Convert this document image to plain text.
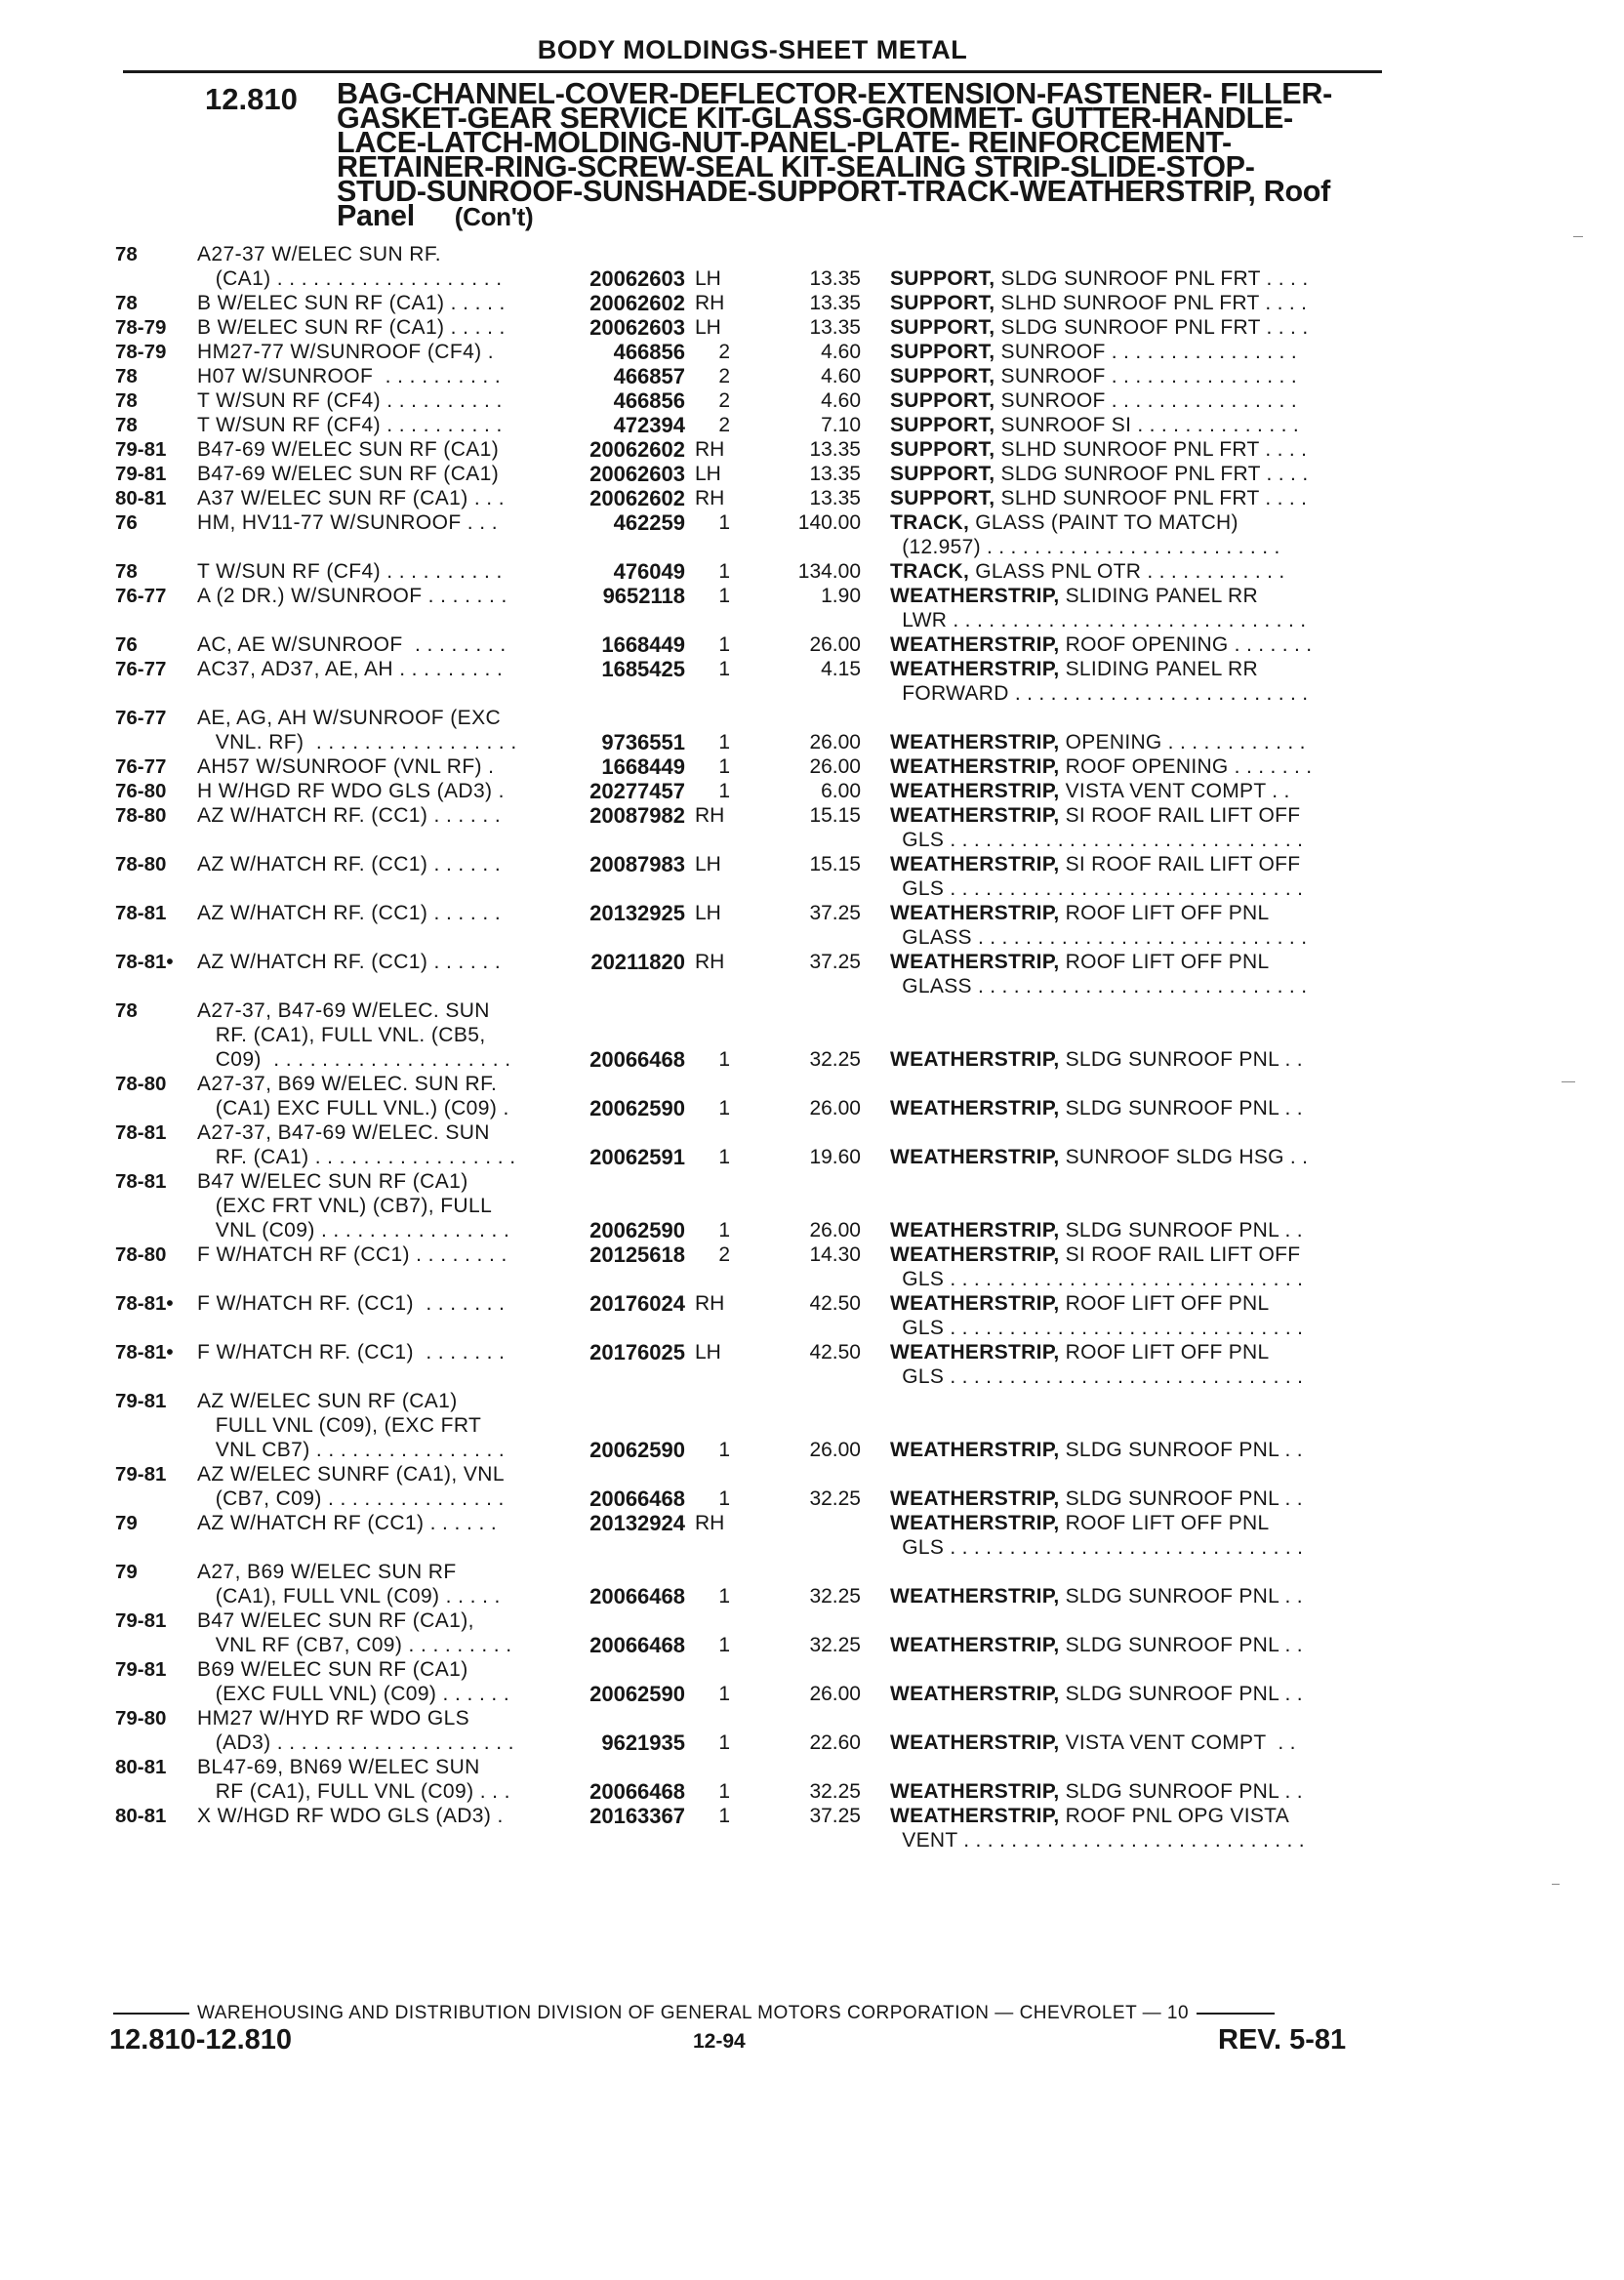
BODY MOLDINGS-SHEET METAL
12.810 BAG-CHANNEL-COVER-DEFLECTOR-EXTENSION-FASTENER- FILLER-
GASKET-GEAR SERVICE KIT-GLASS-GROMMET- GUTTER-HANDLE-
LACE-LATCH-MOLDING-NUT-PANEL-PLATE- REINFORCEMENT-
RETAINER-RING-SCREW-SEAL KIT-SEALING STRIP-SLIDE-STOP-
STUD-SUNROOF-SUNSHADE-SUPPORT-TRACK-WEATHERSTRIP, Roof
Panel (Con't)
78	A27-37 W/ELEC SUN RF.
(CA1) . . . . . . . . . . . . . . . . . . .	20062603 LH	13.35 SUPPORT, SLDG SUNROOF PNL FRT . . . .
78	B W/ELEC SUN RF (CA1) . . . . .	20062602 RH	13.35 SUPPORT, SLHD SUNROOF PNL FRT . . . .
78-79	B W/ELEC SUN RF (CA1) . . . . .	20062603 LH	13.35 SUPPORT, SLDG SUNROOF PNL FRT . . . .
78-79	HM27-77 W/SUNROOF (CF4) .	466856	2	4.60 SUPPORT, SUNROOF . . . . . . . . . . . . . . . .
78	H07 W/SUNROOF  . . . . . . . . . .	466857	2	4.60 SUPPORT, SUNROOF . . . . . . . . . . . . . . . .
78	T W/SUN RF (CF4) . . . . . . . . . .	466856	2	4.60 SUPPORT, SUNROOF . . . . . . . . . . . . . . . .
78	T W/SUN RF (CF4) . . . . . . . . . .	472394	2	7.10 SUPPORT, SUNROOF SI . . . . . . . . . . . . . .
79-81	B47-69 W/ELEC SUN RF (CA1)	20062602 RH	13.35 SUPPORT, SLHD SUNROOF PNL FRT . . . .
79-81	B47-69 W/ELEC SUN RF (CA1)	20062603 LH	13.35 SUPPORT, SLDG SUNROOF PNL FRT . . . .
80-81	A37 W/ELEC SUN RF (CA1) . . .	20062602 RH	13.35 SUPPORT, SLHD SUNROOF PNL FRT . . . .
76	HM, HV11-77 W/SUNROOF . . .	462259	1	140.00 TRACK, GLASS (PAINT TO MATCH)
(12.957) . . . . . . . . . . . . . . . . . . . . . . . . .
78	T W/SUN RF (CF4) . . . . . . . . . .	476049	1	134.00 TRACK, GLASS PNL OTR . . . . . . . . . . . .
76-77	A (2 DR.) W/SUNROOF . . . . . . .	9652118	1	1.90 WEATHERSTRIP, SLIDING PANEL RR
LWR . . . . . . . . . . . . . . . . . . . . . . . . . . . . . .
76	AC, AE W/SUNROOF  . . . . . . . .	1668449	1	26.00 WEATHERSTRIP, ROOF OPENING . . . . . . .
76-77	AC37, AD37, AE, AH . . . . . . . . .	1685425	1	4.15 WEATHERSTRIP, SLIDING PANEL RR
FORWARD . . . . . . . . . . . . . . . . . . . . . . . . .
76-77	AE, AG, AH W/SUNROOF (EXC
VNL. RF)  . . . . . . . . . . . . . . . . .	9736551	1	26.00 WEATHERSTRIP, OPENING . . . . . . . . . . . .
76-77	AH57 W/SUNROOF (VNL RF) .	1668449	1	26.00 WEATHERSTRIP, ROOF OPENING . . . . . . .
76-80	H W/HGD RF WDO GLS (AD3) .	20277457	1	6.00 WEATHERSTRIP, VISTA VENT COMPT . .
78-80	AZ W/HATCH RF. (CC1) . . . . . .	20087982 RH	15.15 WEATHERSTRIP, SI ROOF RAIL LIFT OFF
GLS . . . . . . . . . . . . . . . . . . . . . . . . . . . . . .
78-80	AZ W/HATCH RF. (CC1) . . . . . .	20087983 LH	15.15 WEATHERSTRIP, SI ROOF RAIL LIFT OFF
GLS . . . . . . . . . . . . . . . . . . . . . . . . . . . . . .
78-81	AZ W/HATCH RF. (CC1) . . . . . .	20132925 LH	37.25 WEATHERSTRIP, ROOF LIFT OFF PNL
GLASS . . . . . . . . . . . . . . . . . . . . . . . . . . . .
78-81•	AZ W/HATCH RF. (CC1) . . . . . .	20211820 RH	37.25 WEATHERSTRIP, ROOF LIFT OFF PNL
GLASS . . . . . . . . . . . . . . . . . . . . . . . . . . . .
78	A27-37, B47-69 W/ELEC. SUN
RF. (CA1), FULL VNL. (CB5,
C09)  . . . . . . . . . . . . . . . . . . . .	20066468	1	32.25 WEATHERSTRIP, SLDG SUNROOF PNL . .
78-80	A27-37, B69 W/ELEC. SUN RF.
(CA1) EXC FULL VNL.) (C09) .	20062590	1	26.00 WEATHERSTRIP, SLDG SUNROOF PNL . .
78-81	A27-37, B47-69 W/ELEC. SUN
RF. (CA1) . . . . . . . . . . . . . . . . .	20062591	1	19.60 WEATHERSTRIP, SUNROOF SLDG HSG . .
78-81	B47 W/ELEC SUN RF (CA1)
(EXC FRT VNL) (CB7), FULL
VNL (C09) . . . . . . . . . . . . . . . .	20062590	1	26.00 WEATHERSTRIP, SLDG SUNROOF PNL . .
78-80	F W/HATCH RF (CC1) . . . . . . . .	20125618	2	14.30 WEATHERSTRIP, SI ROOF RAIL LIFT OFF
GLS . . . . . . . . . . . . . . . . . . . . . . . . . . . . . .
78-81•	F W/HATCH RF. (CC1)  . . . . . . .	20176024 RH	42.50 WEATHERSTRIP, ROOF LIFT OFF PNL
GLS . . . . . . . . . . . . . . . . . . . . . . . . . . . . . .
78-81•	F W/HATCH RF. (CC1)  . . . . . . .	20176025 LH	42.50 WEATHERSTRIP, ROOF LIFT OFF PNL
GLS . . . . . . . . . . . . . . . . . . . . . . . . . . . . . .
79-81	AZ W/ELEC SUN RF (CA1)
FULL VNL (C09), (EXC FRT
VNL CB7) . . . . . . . . . . . . . . . .	20062590	1	26.00 WEATHERSTRIP, SLDG SUNROOF PNL . .
79-81	AZ W/ELEC SUNRF (CA1), VNL
(CB7, C09) . . . . . . . . . . . . . . .	20066468	1	32.25 WEATHERSTRIP, SLDG SUNROOF PNL . .
79	AZ W/HATCH RF (CC1) . . . . . .	20132924 RH	WEATHERSTRIP, ROOF LIFT OFF PNL
GLS . . . . . . . . . . . . . . . . . . . . . . . . . . . . . .
79	A27, B69 W/ELEC SUN RF
(CA1), FULL VNL (C09) . . . . .	20066468	1	32.25 WEATHERSTRIP, SLDG SUNROOF PNL . .
79-81	B47 W/ELEC SUN RF (CA1),
VNL RF (CB7, C09) . . . . . . . . .	20066468	1	32.25 WEATHERSTRIP, SLDG SUNROOF PNL . .
79-81	B69 W/ELEC SUN RF (CA1)
(EXC FULL VNL) (C09) . . . . . .	20062590	1	26.00 WEATHERSTRIP, SLDG SUNROOF PNL . .
79-80	HM27 W/HYD RF WDO GLS
(AD3) . . . . . . . . . . . . . . . . . . . .	9621935	1	22.60 WEATHERSTRIP, VISTA VENT COMPT  . .
80-81	BL47-69, BN69 W/ELEC SUN
RF (CA1), FULL VNL (C09) . . .	20066468	1	32.25 WEATHERSTRIP, SLDG SUNROOF PNL . .
80-81	X W/HGD RF WDO GLS (AD3) .	20163367	1	37.25 WEATHERSTRIP, ROOF PNL OPG VISTA
VENT . . . . . . . . . . . . . . . . . . . . . . . . . . . . .
WAREHOUSING AND DISTRIBUTION DIVISION OF GENERAL MOTORS CORPORATION — CHEVROLET — 10
12.810-12.810	12-94	REV. 5-81
